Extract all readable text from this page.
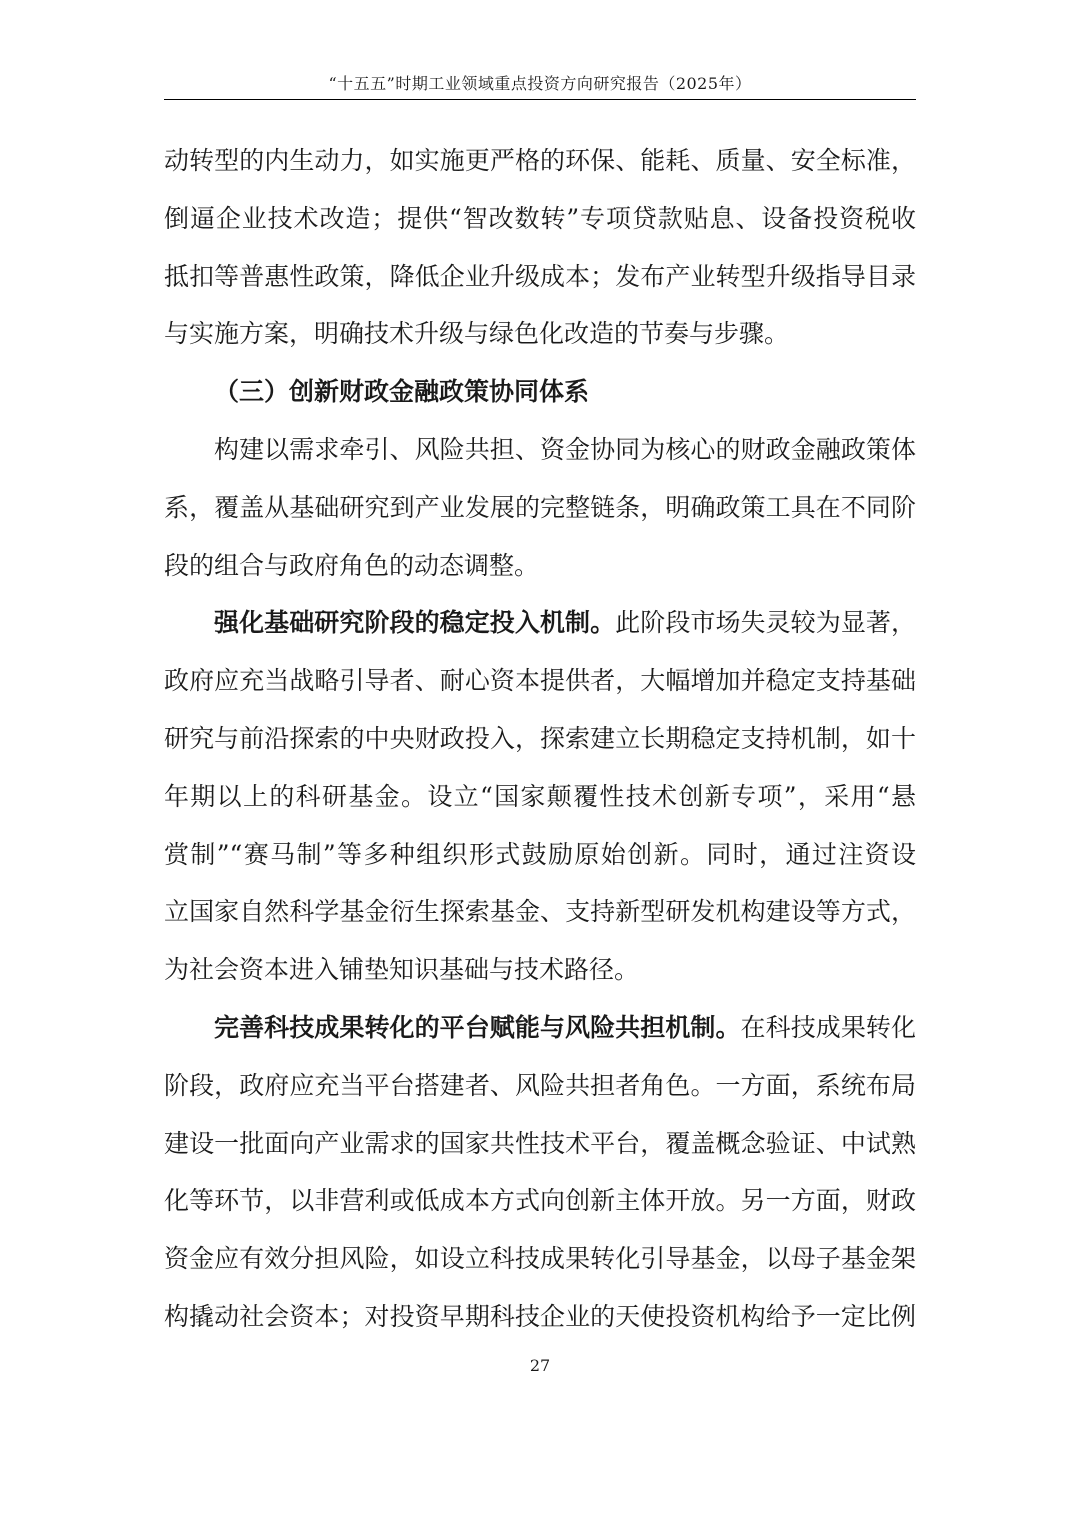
“十五五”时期工业领域重点投资方向研究报告（2025年）
动转型的内生动力，如实施更严格的环保、能耗、质量、安全标准，
倒逼企业技术改造；提供“智改数转”专项贷款贴息、设备投资税收
抵扣等普惠性政策，降低企业升级成本；发布产业转型升级指导目录
与实施方案，明确技术升级与绿色化改造的节奏与步骤。
（三）创新财政金融政策协同体系
构建以需求牵引、风险共担、资金协同为核心的财政金融政策体
系，覆盖从基础研究到产业发展的完整链条，明确政策工具在不同阶
段的组合与政府角色的动态调整。
强化基础研究阶段的稳定投入机制。此阶段市场失灵较为显著，
政府应充当战略引导者、耐心资本提供者，大幅增加并稳定支持基础
研究与前沿探索的中央财政投入，探索建立长期稳定支持机制，如十
年期以上的科研基金。设立“国家颠覆性技术创新专项”，采用“悬
赏制”“赛马制”等多种组织形式鼓励原始创新。同时，通过注资设
立国家自然科学基金衍生探索基金、支持新型研发机构建设等方式，
为社会资本进入铺垫知识基础与技术路径。
完善科技成果转化的平台赋能与风险共担机制。在科技成果转化
阶段，政府应充当平台搭建者、风险共担者角色。一方面，系统布局
建设一批面向产业需求的国家共性技术平台，覆盖概念验证、中试熟
化等环节，以非营利或低成本方式向创新主体开放。另一方面，财政
资金应有效分担风险，如设立科技成果转化引导基金，以母子基金架
构撬动社会资本；对投资早期科技企业的天使投资机构给予一定比例
27
